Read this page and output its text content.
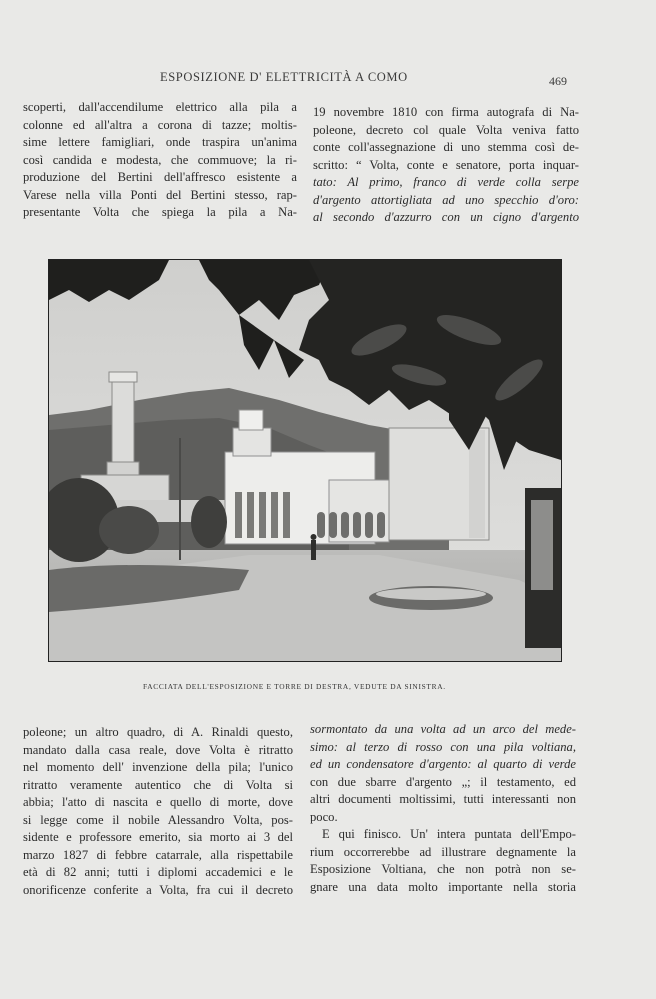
ESPOSIZIONE D' ELETTRICITÀ A COMO	469
scoperti, dall'accendilume elettrico alla pila a
colonne ed all'altra a corona di tazze; moltis-
sime lettere famigliari, onde traspira un'anima
così candida e modesta, che commuove; la ri-
produzione del Bertini dell'affresco esistente a
Varese nella villa Ponti del Bertini stesso, rap-
presentante Volta che spiega la pila a Na-
19 novembre 1810 con firma autografa di Na-
poleone, decreto col quale Volta veniva fatto
conte coll'assegnazione di uno stemma così de-
scritto: “ Volta, conte e senatore, porta inquar-
tato: Al primo, franco di verde colla serpe
d'argento attortigliata ad uno specchio d'oro:
al secondo d'azzurro con un cigno d'argento
FACCIATA DELL'ESPOSIZIONE E TORRE DI DESTRA, VEDUTE DA SINISTRA.
poleone; un altro quadro, di A. Rinaldi questo,
mandato dalla casa reale, dove Volta è ritratto
nel momento dell' invenzione della pila; l'unico
ritratto veramente autentico che di Volta si
abbia; l'atto di nascita e quello di morte, dove
si legge come il nobile Alessandro Volta, pos-
sidente e professore emerito, sia morto ai 3 del
marzo 1827 di febbre catarrale, alla rispettabile
età di 82 anni; tutti i diplomi accademici e le
onorificenze conferite a Volta, fra cui il decreto
sormontato da una volta ad un arco del mede-
simo: al terzo di rosso con una pila voltiana,
ed un condensatore d'argento: al quarto di verde
con due sbarre d'argento „; il testamento, ed
altri documenti moltissimi, tutti interessanti non
poco.
E qui finisco. Un' intera puntata dell'Empo-
rium occorrerebbe ad illustrare degnamente la
Esposizione Voltiana, che non potrà non se-
gnare una data molto importante nella storia
